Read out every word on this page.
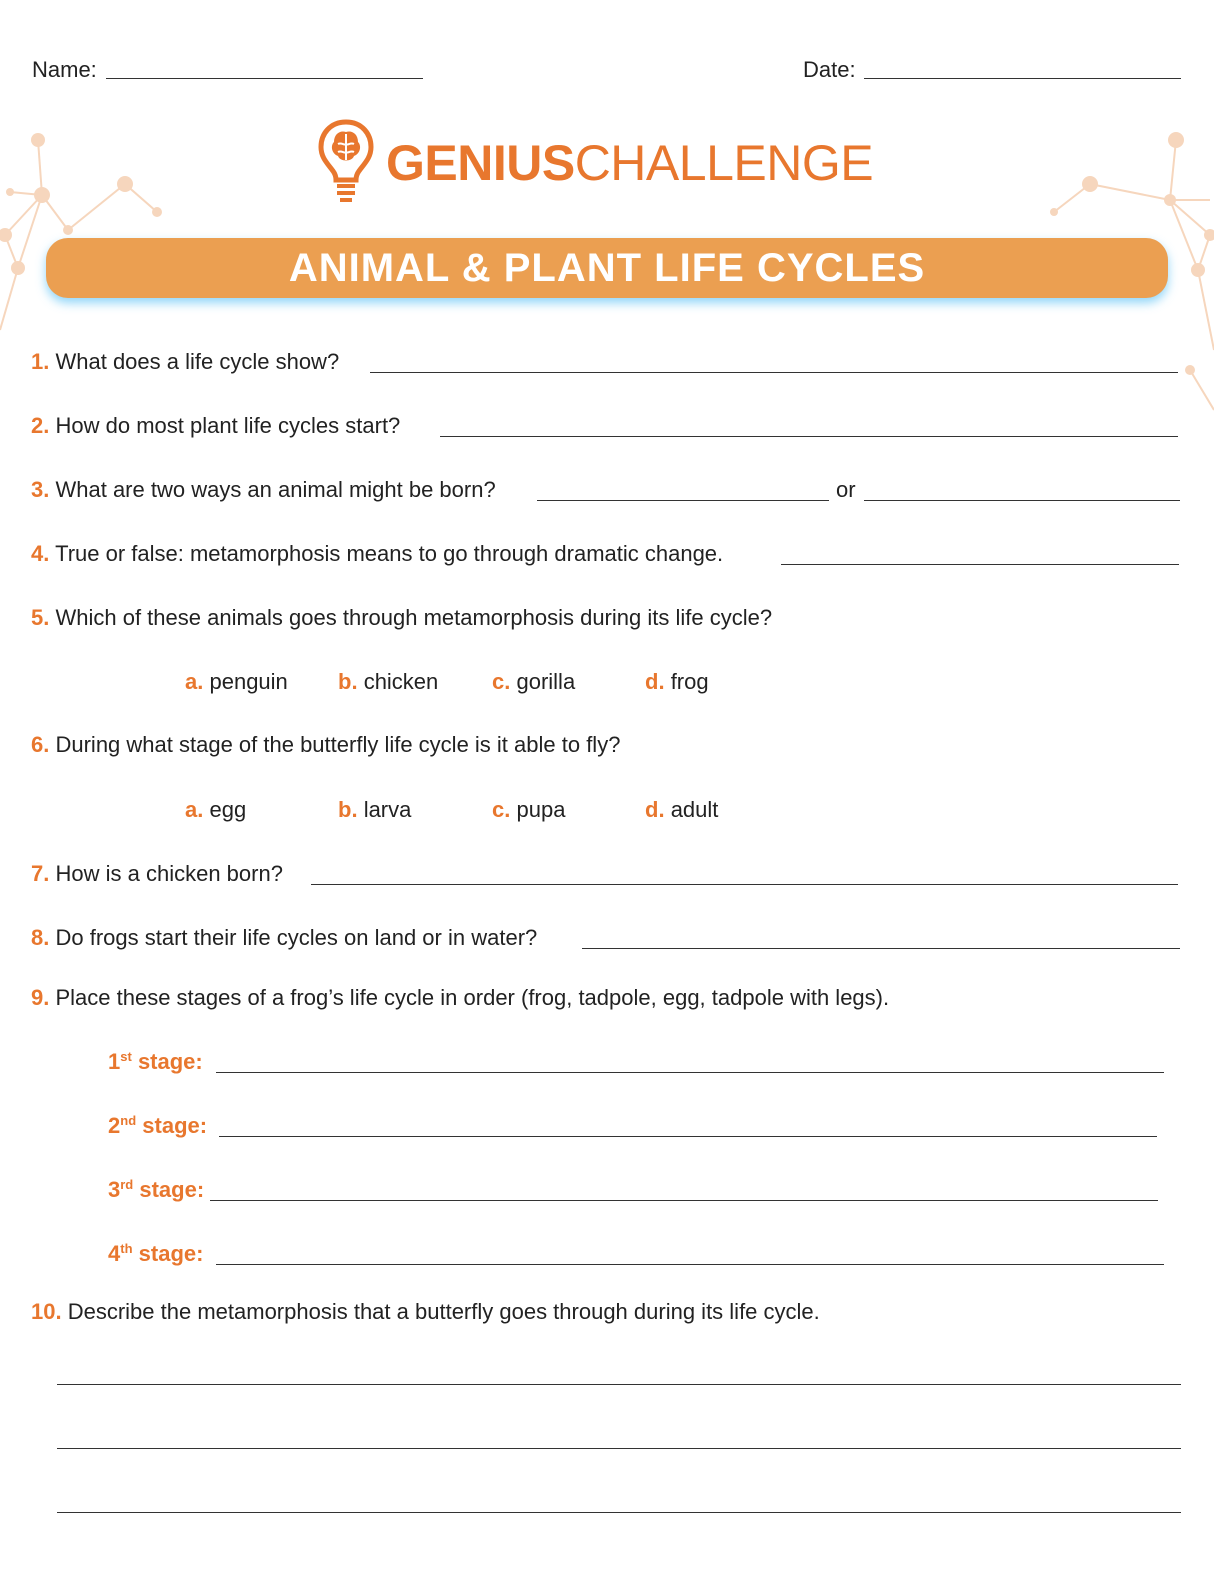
Name:	Date:
GENIUSCHALLENGE
ANIMAL & PLANT LIFE CYCLES
1. What does a life cycle show?
2. How do most plant life cycles start?
3. What are two ways an animal might be born?	or
4. True or false: metamorphosis means to go through dramatic change.
5. Which of these animals goes through metamorphosis during its life cycle?
a. penguin b. chicken c. gorilla	d. frog
6. During what stage of the butterfly life cycle is it able to fly?
a. egg	b. larva	c. pupa	d. adult
7. How is a chicken born?
8. Do frogs start their life cycles on land or in water?
9. Place these stages of a frog’s life cycle in order (frog, tadpole, egg, tadpole with legs).
1st stage:
2nd stage:
3rd stage:
4th stage:
10. Describe the metamorphosis that a butterfly goes through during its life cycle.
